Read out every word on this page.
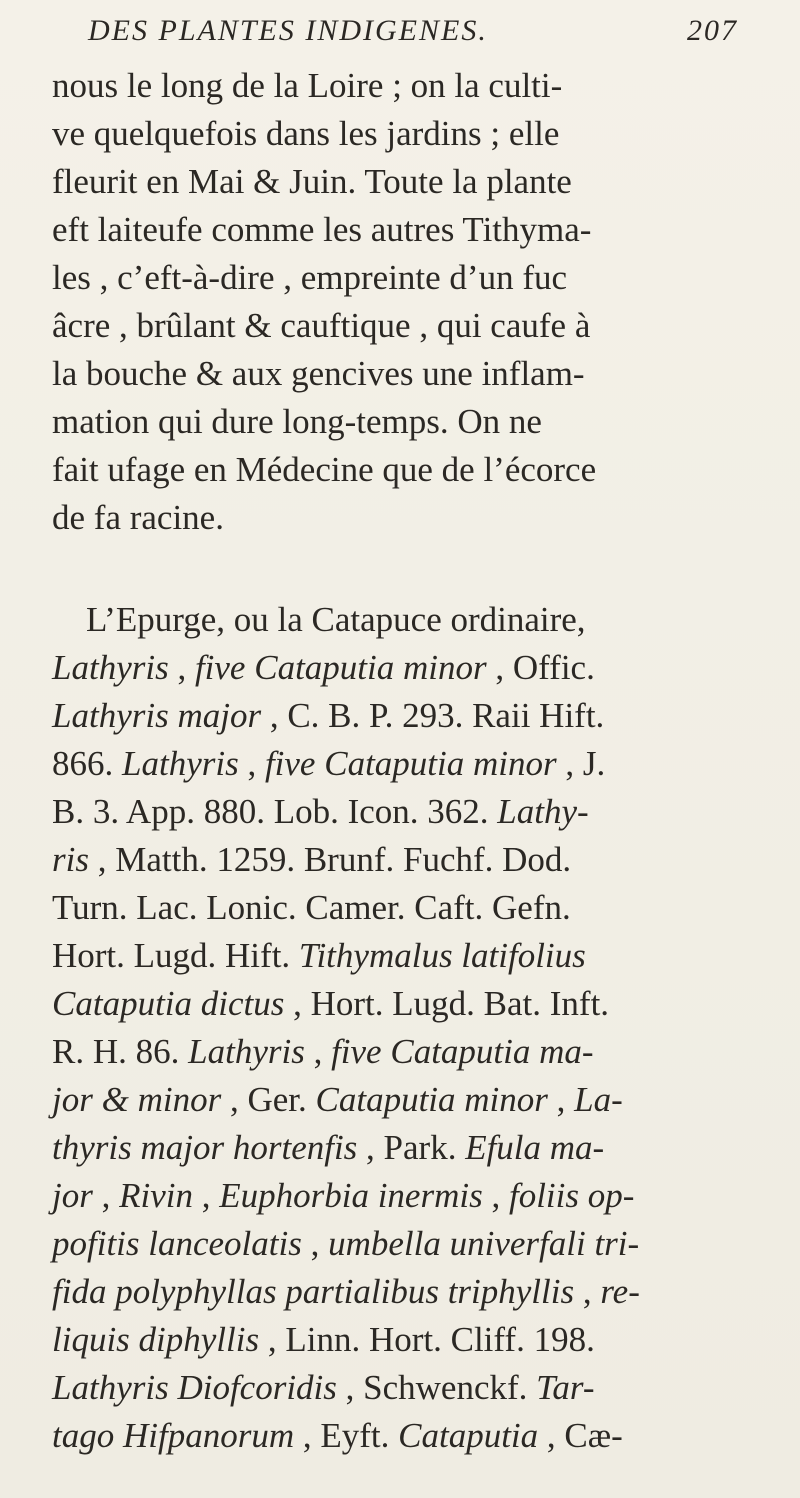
DES PLANTES INDIGENES.	207
nous le long de la Loire ; on la culti-
ve quelquefois dans les jardins ; elle
fleurit en Mai & Juin. Toute la plante
eft laiteufe comme les autres Tithyma-
les , c’eft-à-dire , empreinte d’un fuc
âcre , brûlant & cauftique , qui caufe à
la bouche & aux gencives une inflam-
mation qui dure long-temps. On ne
fait ufage en Médecine que de l’écorce
de fa racine.
L’Epurge, ou la Catapuce ordinaire,
Lathyris , five Cataputia minor , Offic.
Lathyris major , C. B. P. 293. Raii Hift.
866. Lathyris , five Cataputia minor , J.
B. 3. App. 880. Lob. Icon. 362. Lathy-
ris , Matth. 1259. Brunf. Fuchf. Dod.
Turn. Lac. Lonic. Camer. Caft. Gefn.
Hort. Lugd. Hift. Tithymalus latifolius
Cataputia dictus , Hort. Lugd. Bat. Inft.
R. H. 86. Lathyris , five Cataputia ma-
jor & minor , Ger. Cataputia minor , La-
thyris major hortenfis , Park. Efula ma-
jor , Rivin , Euphorbia inermis , foliis op-
pofitis lanceolatis , umbella univerfali tri-
fida polyphyllas partialibus triphyllis , re-
liquis diphyllis , Linn. Hort. Cliff. 198.
Lathyris Diofcoridis , Schwenckf. Tar-
tago Hifpanorum , Eyft. Cataputia , Cæ-
